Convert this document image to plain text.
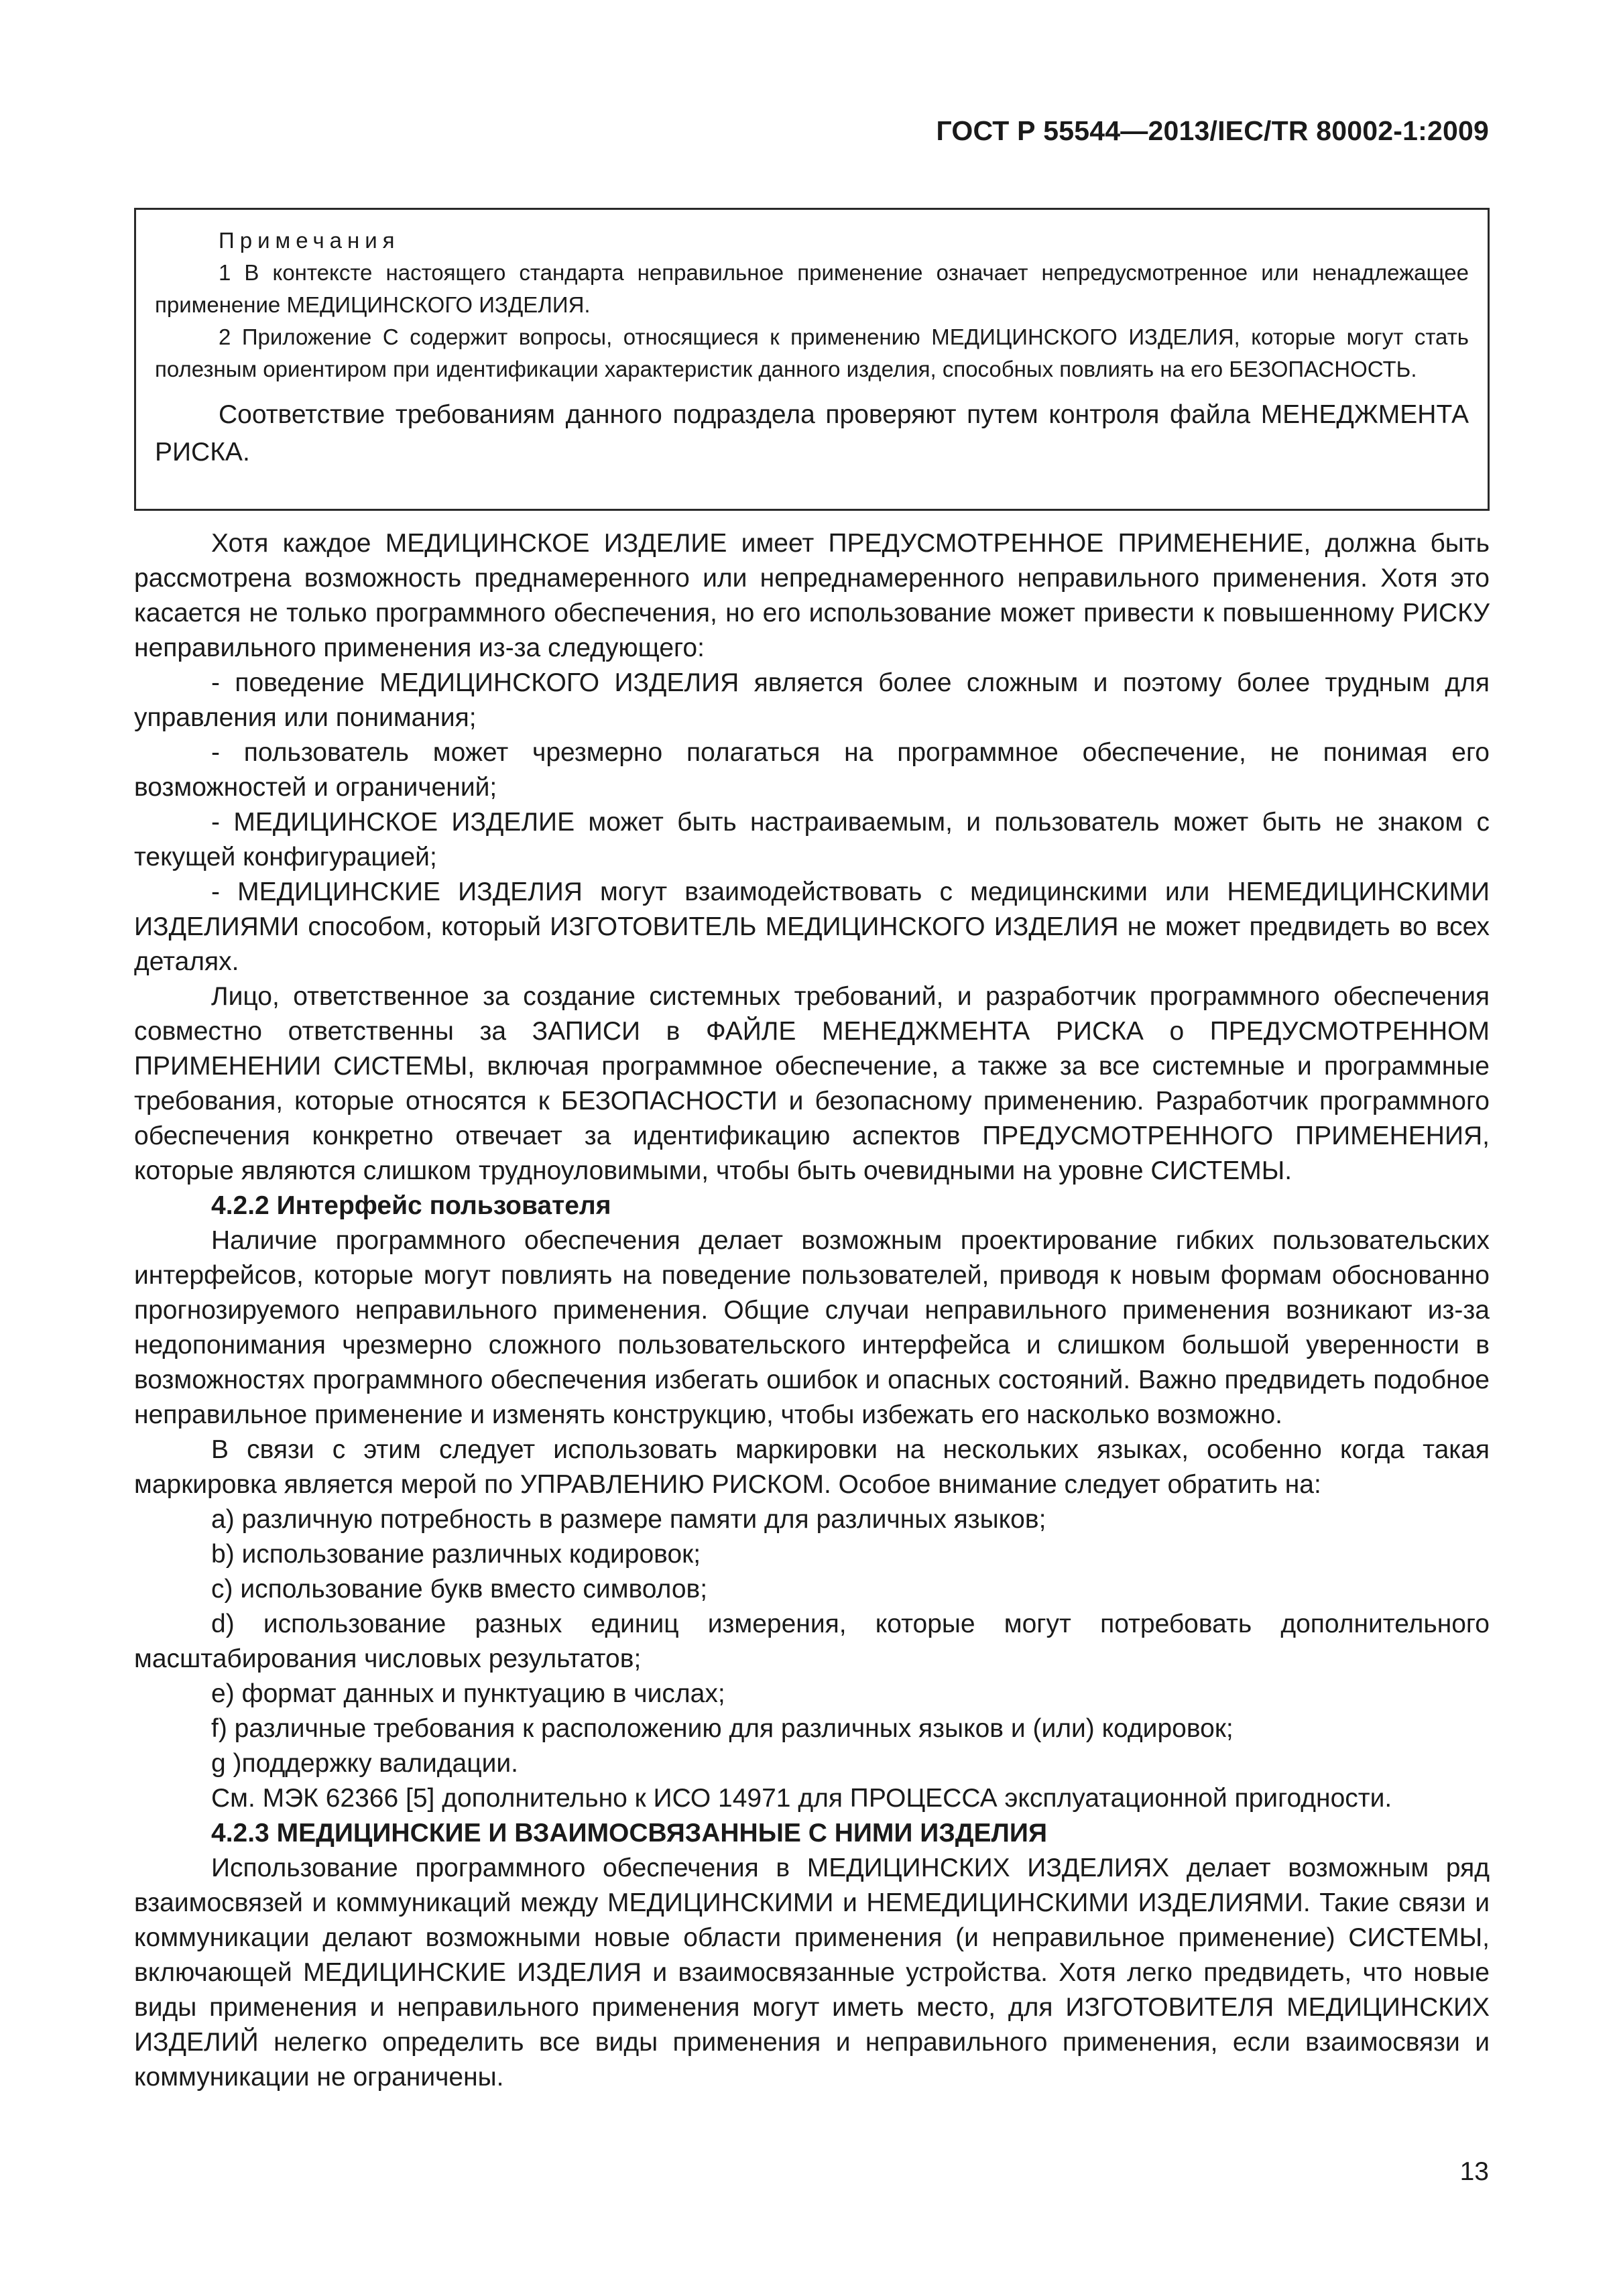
ГОСТ Р 55544—2013/IEC/TR 80002-1:2009
Примечания

1 В контексте настоящего стандарта неправильное применение означает непредусмотренное или ненадлежащее применение МЕДИЦИНСКОГО ИЗДЕЛИЯ.

2 Приложение С содержит вопросы, относящиеся к применению МЕДИЦИНСКОГО ИЗДЕЛИЯ, которые могут стать полезным ориентиром при идентификации характеристик данного изделия, способных повлиять на его БЕЗОПАСНОСТЬ.

Соответствие требованиям данного подраздела проверяют путем контроля файла МЕНЕДЖМЕНТА РИСКА.

Хотя каждое МЕДИЦИНСКОЕ ИЗДЕЛИЕ имеет ПРЕДУСМОТРЕННОЕ ПРИМЕНЕНИЕ, должна быть рассмотрена возможность преднамеренного или непреднамеренного неправильного применения. Хотя это касается не только программного обеспечения, но его использование может привести к повышенному РИСКУ неправильного применения из-за следующего:

- поведение МЕДИЦИНСКОГО ИЗДЕЛИЯ является более сложным и поэтому более трудным для управления или понимания;

- пользователь может чрезмерно полагаться на программное обеспечение, не понимая его возможностей и ограничений;

- МЕДИЦИНСКОЕ ИЗДЕЛИЕ может быть настраиваемым, и пользователь может быть не знаком с текущей конфигурацией;

- МЕДИЦИНСКИЕ ИЗДЕЛИЯ могут взаимодействовать с медицинскими или НЕМЕДИЦИНСКИМИ ИЗДЕЛИЯМИ способом, который ИЗГОТОВИТЕЛЬ МЕДИЦИНСКОГО ИЗДЕЛИЯ не может предвидеть во всех деталях.

Лицо, ответственное за создание системных требований, и разработчик программного обеспечения совместно ответственны за ЗАПИСИ в ФАЙЛЕ МЕНЕДЖМЕНТА РИСКА о ПРЕДУСМОТРЕННОМ ПРИМЕНЕНИИ СИСТЕМЫ, включая программное обеспечение, а также за все системные и программные требования, которые относятся к БЕЗОПАСНОСТИ и безопасному применению. Разработчик программного обеспечения конкретно отвечает за идентификацию аспектов ПРЕДУСМОТРЕННОГО ПРИМЕНЕНИЯ, которые являются слишком трудноуловимыми, чтобы быть очевидными на уровне СИСТЕМЫ.

4.2.2 Интерфейс пользователя

Наличие программного обеспечения делает возможным проектирование гибких пользовательских интерфейсов, которые могут повлиять на поведение пользователей, приводя к новым формам обоснованно прогнозируемого неправильного применения. Общие случаи неправильного применения возникают из-за недопонимания чрезмерно сложного пользовательского интерфейса и слишком большой уверенности в возможностях программного обеспечения избегать ошибок и опасных состояний. Важно предвидеть подобное неправильное применение и изменять конструкцию, чтобы избежать его насколько возможно.

В связи с этим следует использовать маркировки на нескольких языках, особенно когда такая маркировка является мерой по УПРАВЛЕНИЮ РИСКОМ. Особое внимание следует обратить на:

a) различную потребность в размере памяти для различных языков;

b) использование различных кодировок;

c) использование букв вместо символов;

d) использование разных единиц измерения, которые могут потребовать дополнительного масштабирования числовых результатов;

e) формат данных и пунктуацию в числах;

f) различные требования к расположению для различных языков и (или) кодировок;

g )поддержку валидации.

См. МЭК 62366 [5] дополнительно к ИСО 14971 для ПРОЦЕССА эксплуатационной пригодности.

4.2.3 МЕДИЦИНСКИЕ И ВЗАИМОСВЯЗАННЫЕ С НИМИ ИЗДЕЛИЯ

Использование программного обеспечения в МЕДИЦИНСКИХ ИЗДЕЛИЯХ делает возможным ряд взаимосвязей и коммуникаций между МЕДИЦИНСКИМИ и НЕМЕДИЦИНСКИМИ ИЗДЕЛИЯМИ. Такие связи и коммуникации делают возможными новые области применения (и неправильное применение) СИСТЕМЫ, включающей МЕДИЦИНСКИЕ ИЗДЕЛИЯ и взаимосвязанные устройства. Хотя легко предвидеть, что новые виды применения и неправильного применения могут иметь место, для ИЗГОТОВИТЕЛЯ МЕДИЦИНСКИХ ИЗДЕЛИЙ нелегко определить все виды применения и неправильного применения, если взаимосвязи и коммуникации не ограничены.

13
